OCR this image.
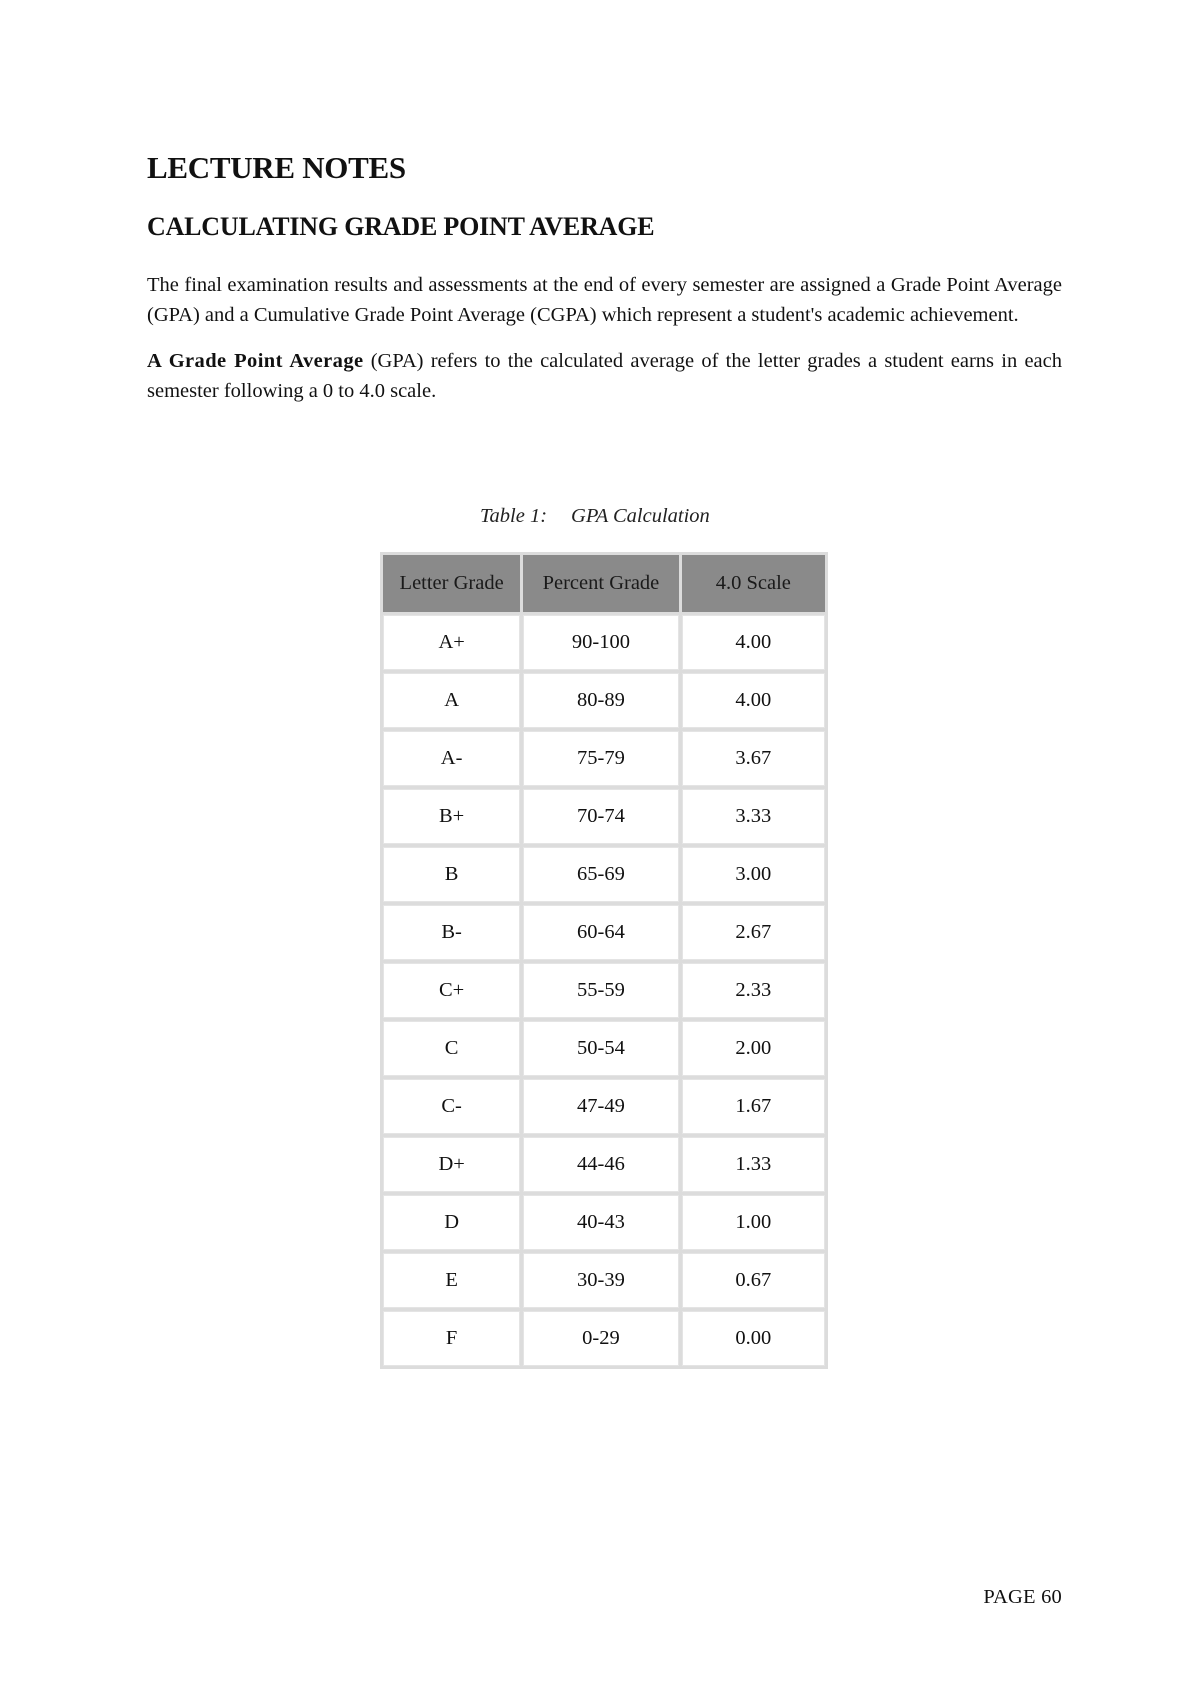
LECTURE NOTES
CALCULATING GRADE POINT AVERAGE

The final examination results and assessments at the end of every semester are assigned a Grade Point Average (GPA) and a Cumulative Grade Point Average (CGPA) which represent a student's academic achievement.

A Grade Point Average (GPA) refers to the calculated average of the letter grades a student earns in each semester following a 0 to 4.0 scale.

Table 1: GPA Calculation
Letter Grade	Percent Grade	4.0 Scale
A+	90-100	4.00
A	80-89	4.00
A-	75-79	3.67
B+	70-74	3.33
B	65-69	3.00
B-	60-64	2.67
C+	55-59	2.33
C	50-54	2.00
C-	47-49	1.67
D+	44-46	1.33
D	40-43	1.00
E	30-39	0.67
F	0-29	0.00
PAGE 60
